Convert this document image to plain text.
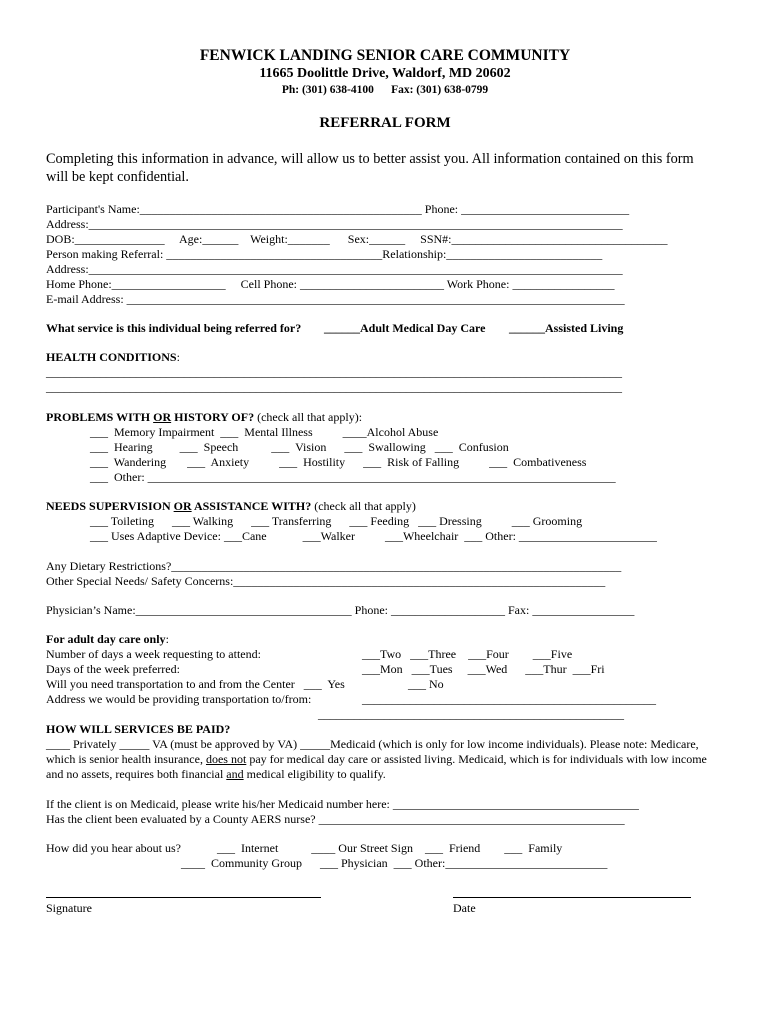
FENWICK LANDING SENIOR CARE COMMUNITY
11665 Doolittle Drive, Waldorf, MD 20602
Ph: (301) 638-4100      Fax: (301) 638-0799
REFERRAL FORM
Completing this information in advance, will allow us to better assist you. All information contained on this form will be kept confidential.
Participant's Name:_______________________________________________ Phone: ____________________________
Address:_________________________________________________________________________________________
DOB:_______________     Age:______    Weight:_______      Sex:______     SSN#:____________________________________
Person making Referral: ____________________________________Relationship:__________________________
Address:_________________________________________________________________________________________
Home Phone:___________________     Cell Phone: ________________________ Work Phone: _________________
E-mail Address: ___________________________________________________________________________________
What service is this individual being referred for? ______Adult Medical Day Care ______Assisted Living
HEALTH CONDITIONS:
________________________________________________________________________________________________
________________________________________________________________________________________________
PROBLEMS WITH OR HISTORY OF? (check all that apply):
___  Memory Impairment  ___  Mental Illness          ____Alcohol Abuse
___  Hearing         ___  Speech           ___  Vision      ___  Swallowing   ___  Confusion
___  Wandering       ___  Anxiety          ___  Hostility      ___  Risk of Falling          ___  Combativeness
___  Other: ______________________________________________________________________________
NEEDS SUPERVISION OR ASSISTANCE WITH? (check all that apply)
___ Toileting      ___ Walking      ___ Transferring      ___ Feeding   ___ Dressing          ___ Grooming
___ Uses Adaptive Device: ___Cane            ___Walker          ___Wheelchair  ___ Other: _______________________
Any Dietary Restrictions?___________________________________________________________________________
Other Special Needs/ Safety Concerns:______________________________________________________________
Physician’s Name:____________________________________ Phone: ___________________ Fax: _________________
For adult day care only:
Number of days a week requesting to attend:	___Two   ___Three    ___Four        ___Five
Days of the week preferred:	___Mon   ___Tues     ___Wed      ___Thur  ___Fri
Will you need transportation to and from the Center   ___  Yes	___ No
Address we would be providing transportation to/from:	_________________________________________________
___________________________________________________
HOW WILL SERVICES BE PAID?
____ Privately _____ VA (must be approved by VA) _____Medicaid (which is only for low income individuals). Please note: Medicare, which is senior health insurance, does not pay for medical day care or assisted living. Medicaid, which is for individuals with low income and no assets, requires both financial and medical eligibility to qualify.
If the client is on Medicaid, please write his/her Medicaid number here: _________________________________________
Has the client been evaluated by a County AERS nurse? ___________________________________________________
How did you hear about us?            ___  Internet           ____ Our Street Sign    ___  Friend        ___  Family
____  Community Group      ___ Physician  ___ Other:___________________________
Signature	Date
